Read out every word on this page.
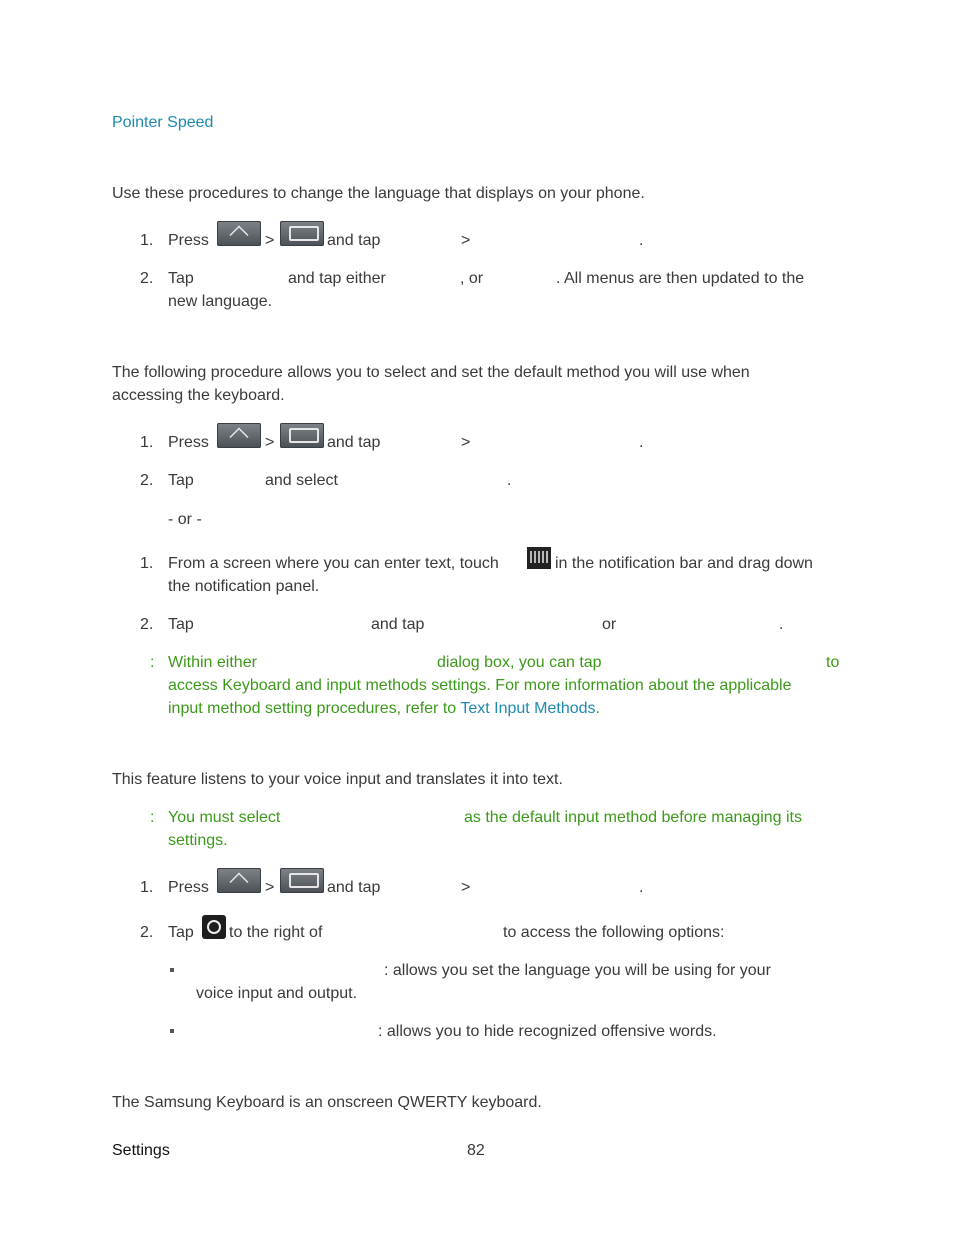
Pointer Speed
Use these procedures to change the language that displays on your phone.
1. Press	>	and tap	>	.
2. Tap	and tap either	, or	. All menus are then updated to the
new language.
The following procedure allows you to select and set the default method you will use when
accessing the keyboard.
1. Press	>	and tap	>	.
2. Tap	and select	.
- or -
1. From a screen where you can enter text, touch	in the notification bar and drag down
the notification panel.
2. Tap	and tap	or	.
: Within either	dialog box, you can tap	to
access Keyboard and input methods settings. For more information about the applicable
input method setting procedures, refer to Text Input Methods.
This feature listens to your voice input and translates it into text.
: You must select	as the default input method before managing its
settings.
1. Press	>	and tap	>	.
2. Tap to the right of	to access the following options:
: allows you set the language you will be using for your
voice input and output.
: allows you to hide recognized offensive words.
The Samsung Keyboard is an onscreen QWERTY keyboard.
Settings	82
